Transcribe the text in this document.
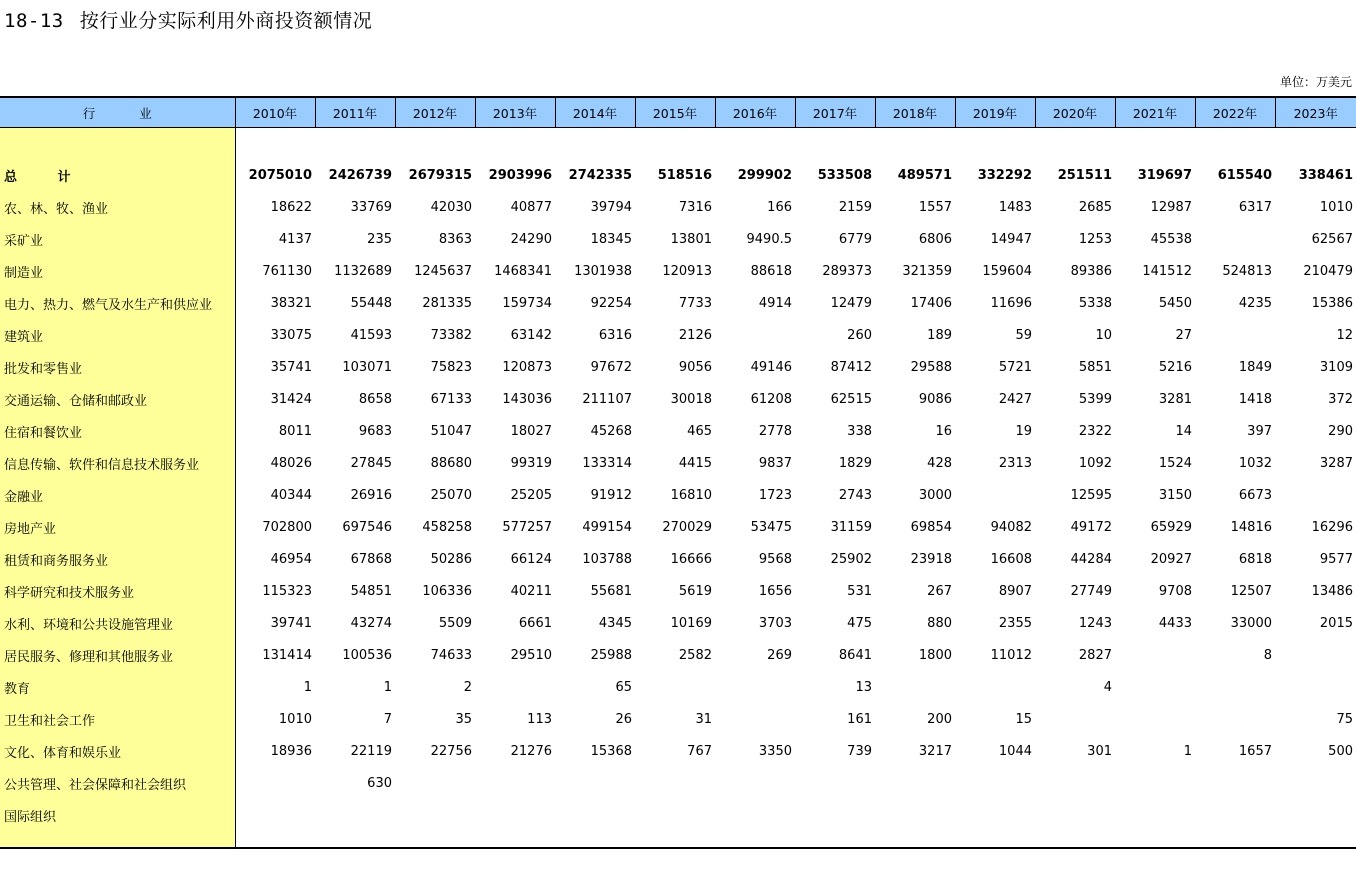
18-13 按行业分实际利用外商投资额情况
单位：万美元
行 业	2010年	2011年	2012年	2013年	2014年	2015年	2016年	2017年	2018年	2019年	2020年	2021年	2022年	2023年

总 计	2075010	2426739	2679315	2903996	2742335	518516	299902	533508	489571	332292	251511	319697	615540	338461
农、林、牧、渔业	18622	33769	42030	40877	39794	7316	166	2159	1557	1483	2685	12987	6317	1010
采矿业	4137	235	8363	24290	18345	13801	9490.5	6779	6806	14947	1253	45538		62567
制造业	761130	1132689	1245637	1468341	1301938	120913	88618	289373	321359	159604	89386	141512	524813	210479
电力、热力、燃气及水生产和供应业	38321	55448	281335	159734	92254	7733	4914	12479	17406	11696	5338	5450	4235	15386
建筑业	33075	41593	73382	63142	6316	2126		260	189	59	10	27		12
批发和零售业	35741	103071	75823	120873	97672	9056	49146	87412	29588	5721	5851	5216	1849	3109
交通运输、仓储和邮政业	31424	8658	67133	143036	211107	30018	61208	62515	9086	2427	5399	3281	1418	372
住宿和餐饮业	8011	9683	51047	18027	45268	465	2778	338	16	19	2322	14	397	290
信息传输、软件和信息技术服务业	48026	27845	88680	99319	133314	4415	9837	1829	428	2313	1092	1524	1032	3287
金融业	40344	26916	25070	25205	91912	16810	1723	2743	3000		12595	3150	6673	
房地产业	702800	697546	458258	577257	499154	270029	53475	31159	69854	94082	49172	65929	14816	16296
租赁和商务服务业	46954	67868	50286	66124	103788	16666	9568	25902	23918	16608	44284	20927	6818	9577
科学研究和技术服务业	115323	54851	106336	40211	55681	5619	1656	531	267	8907	27749	9708	12507	13486
水利、环境和公共设施管理业	39741	43274	5509	6661	4345	10169	3703	475	880	2355	1243	4433	33000	2015
居民服务、修理和其他服务业	131414	100536	74633	29510	25988	2582	269	8641	1800	11012	2827		8	
教育	1	1	2		65			13			4			
卫生和社会工作	1010	7	35	113	26	31		161	200	15				75
文化、体育和娱乐业	18936	22119	22756	21276	15368	767	3350	739	3217	1044	301	1	1657	500
公共管理、社会保障和社会组织		630												
国际组织														
